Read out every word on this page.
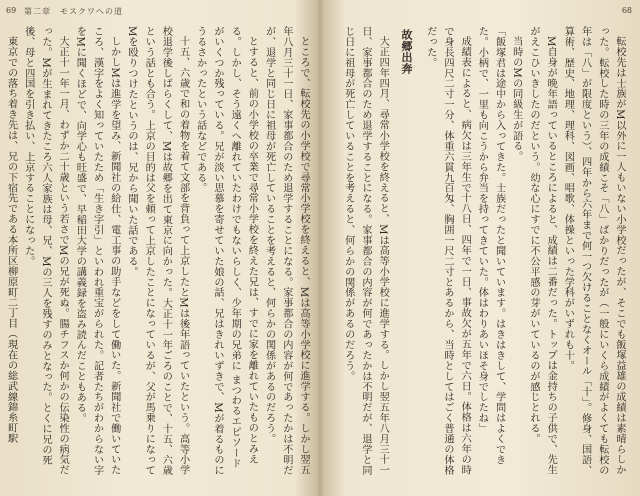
69 第二章　モスクワへの道

ところで、転校先の小学校で尋常小学校を終えると、Mは高等小学校に進学する。しかし翌五年八月三十一日、家事都合のため退学することになる。家事都合の内容が何であったかは不明だが、退学と同じ日に祖母が死亡していることを考えると、何らかの関係があるのだろう。

とすると、前の小学校の卒業で尋常小学校を終えた兄は、すでに家を離れていたものとみえる。しかし、そう遠くへ離れていたわけでもないらしく、少年期の兄弟に まつわるエピソードがいくつか残っている。兄が淡い思慕を寄せていた娘の話、兄はきれいずきで、Mが着るものにうるさかったという話などである。

十五、六歳で和の着物を着て文部を背負って上京したとMは後年語っていたという。高等小学校退学後しばらくして、Mは故郷を出て東京に向かった。大正十一年ごろのことで、十五、六歳という話とも合う。上京の目的は父を頼って上京したことになっているが、父が馬乗りになってMを殴りつけたというのは、兄から聞いた話である。

しかしMは進学を望み、新聞社の給仕、電工事の助手などをして働いた。新聞社で働いていたころ、漢字をよく知っていたため「生き字引」といわれ重宝がられた。記者たちがわからない字をMに聞くほどで、向学心も旺盛で、早稲田大学の講義録を盗み読んだこともある。

大正十一年一月、わずか二十歳という若さでMの兄が死ぬ。腸チフスか何かの伝染性の病気だった。Mが生まれてきたころ六人家族は母、兄、Mの三人を残すのみとなった。とくに兄の死後、母と四国を引き払い、上京することになった。

東京での落ち着き先は、兄の下宿先である本所区柳原町二丁目（現在の総武線錦糸町駅

68

転校先は士族がM以外に一人もいない小学校だったが、そこでも飯塚益雄の成績は素晴らしかった。転校した時の三年の成績こそ「八」ばかりだったが（一般にいくら成績がよくても転校の年は「八」が限度という）、四年から六年まで何一つ欠けることなくオール「十」。修身、国語、算術、歴史、地理、理科、図画、唱歌、体操といった学科がいずれも十。

M自身が晩年語っているところによると、成績は二番だった。トップは金持ちの子供で、先生がえこひいきしたのだという。幼な心にすでに不公平感の芽がいているのが感じとれる。

当時のMの同級生が語る。

「飯塚君は途中から入ってきた。士族だったと聞いています。はきはきして、学問はよくできた。小柄で、一里も向こうから弁当を持ってきていた。体はわりあいほそ身でしたね」

成績表によると、病欠は三年生で十八日、四年で一日、事故欠が五年で六日。体格は六年の時で身長四尺二寸一分、体重六貫九百匁、胸囲一尺二寸とあるから、当時としてはごく普通の体格だった。

故郷出奔

大正四年四月、尋常小学校を終えると、Mは高等小学校に進学する。しかし翌五年八月三十一日、家事都合のため退学することになる。家事都合の内容が何であったかは不明だが、退学と同じ日に祖母が死亡していることを考えると、何らかの関係があるのだろう。
